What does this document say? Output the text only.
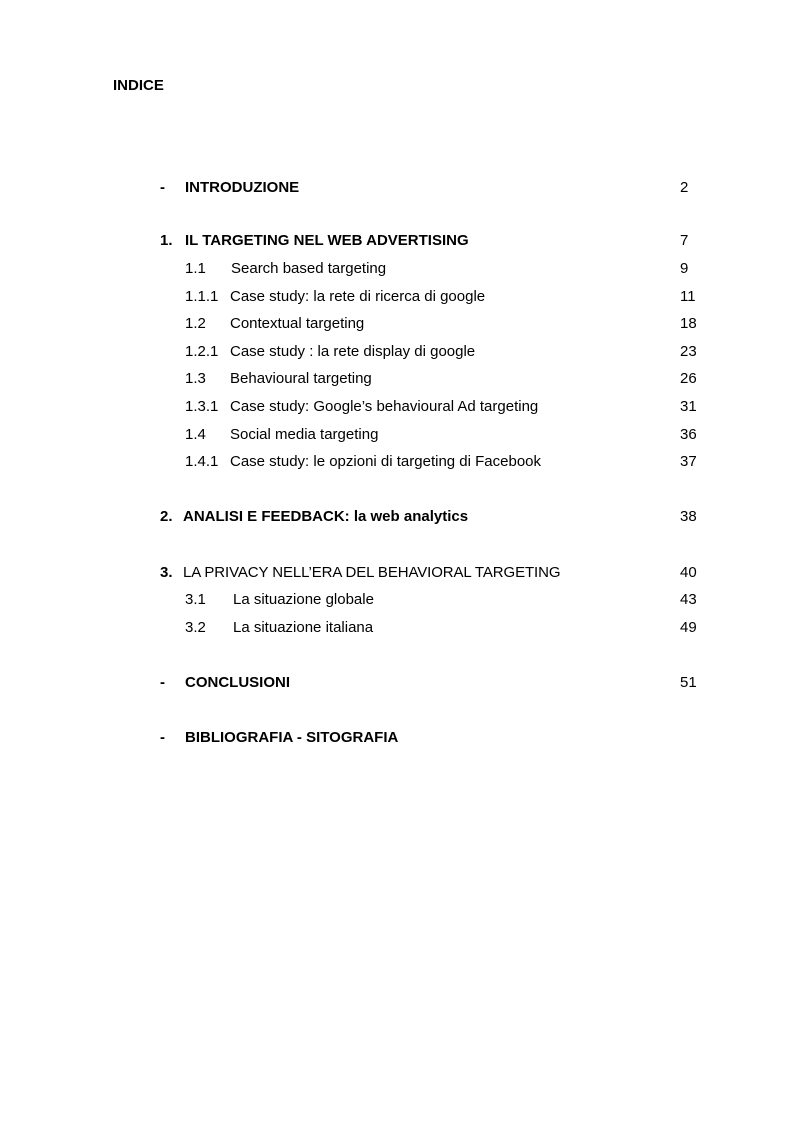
INDICE
- INTRODUZIONE	2
1. IL TARGETING NEL WEB ADVERTISING	7
1.1 Search based targeting	9
1.1.1 Case study: la rete di ricerca di google	11
1.2 Contextual targeting	18
1.2.1 Case study : la rete display di google	23
1.3 Behavioural targeting	26
1.3.1 Case study: Google’s behavioural Ad targeting	31
1.4 Social media targeting	36
1.4.1 Case study: le opzioni di targeting di Facebook	37
2. ANALISI E FEEDBACK: la web analytics	38
3. LA PRIVACY NELL’ERA DEL BEHAVIORAL TARGETING	40
3.1 La situazione globale	43
3.2 La situazione italiana	49
- CONCLUSIONI	51
- BIBLIOGRAFIA - SITOGRAFIA
